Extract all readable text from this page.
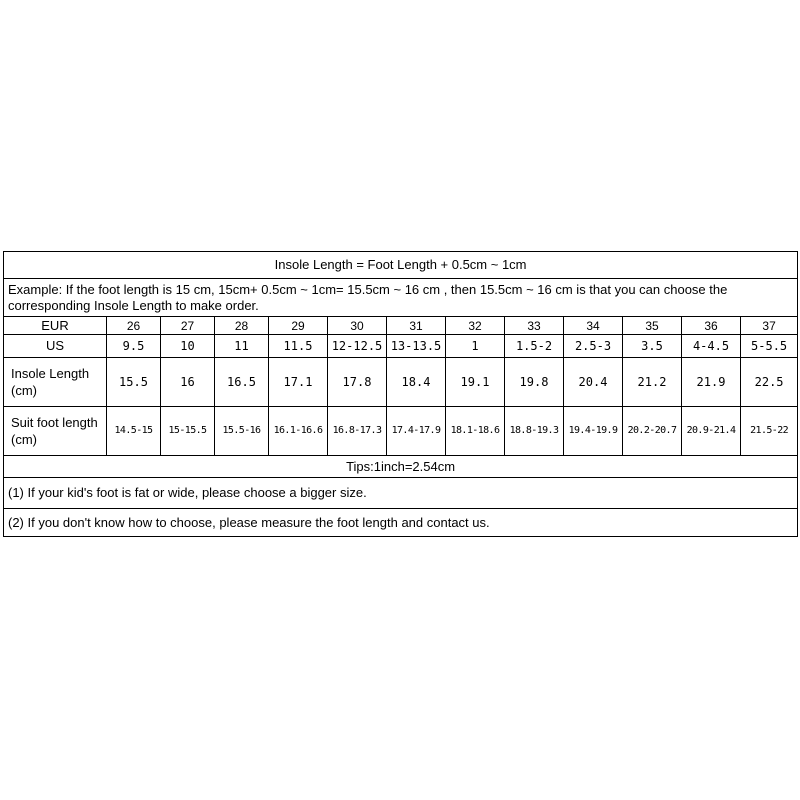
Insole Length = Foot Length + 0.5cm ~ 1cm												
Example: If the foot length is 15 cm, 15cm+ 0.5cm ~ 1cm= 15.5cm ~ 16 cm , then 15.5cm ~ 16 cm is that you can choose the corresponding Insole Length to make order.												
EUR	26	27	28	29	30	31	32	33	34	35	36	37
US	9.5	10	11	11.5	12-12.5	13-13.5	1	1.5-2	2.5-3	3.5	4-4.5	5-5.5
Insole Length (cm)	15.5	16	16.5	17.1	17.8	18.4	19.1	19.8	20.4	21.2	21.9	22.5
Suit foot length (cm)	14.5-15	15-15.5	15.5-16	16.1-16.6	16.8-17.3	17.4-17.9	18.1-18.6	18.8-19.3	19.4-19.9	20.2-20.7	20.9-21.4	21.5-22
Tips:1inch=2.54cm												
(1) If your kid's foot is fat or wide, please choose a bigger size.												
(2) If you don't know how to choose, please measure the foot length and contact us.												
